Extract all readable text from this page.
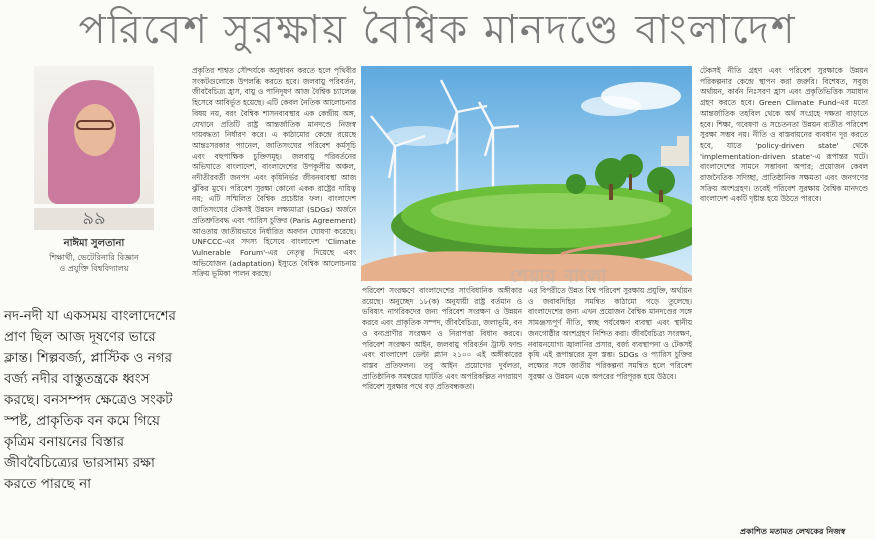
পরিবেশ সুরক্ষায় বৈশ্বিক মানদণ্ডে বাংলাদেশ
৯৯
নাঈমা সুলতানা
শিক্ষার্থী, ভেটেরিনারি বিজ্ঞান
ও প্রযুক্তি বিশ্ববিদ্যালয়
নদ-নদী যা একসময় বাংলাদেশের প্রাণ ছিল আজ দূষণের ভারে ক্লান্ত। শিল্পবর্জ্য, প্লাস্টিক ও নগর বর্জ্য নদীর বাস্তুতন্ত্রকে ধ্বংস করছে। বনসম্পদ ক্ষেত্রেও সংকট স্পষ্ট, প্রাকৃতিক বন কমে গিয়ে কৃত্রিম বনায়নের বিস্তার জীববৈচিত্র্যের ভারসাম্য রক্ষা করতে পারছে না
প্রকৃতির শাশ্বত সৌন্দর্যকে অনুধাবন করতে হলে পৃথিবীর সংকটগুলোকে উপলব্ধি করতে হবে। জলবায়ু পরিবর্তন, জীববৈচিত্র্য হ্রাস, বায়ু ও পানিদূষণ আজ বৈশ্বিক চ্যালেঞ্জ হিসেবে আবির্ভূত হয়েছে। এটি কেবল নৈতিক আলোচনার বিষয় নয়, বরং বৈশ্বিক শাসনব্যবস্থার এক কেন্দ্রীয় অঙ্গ, যেখানে প্রতিটি রাষ্ট্র আন্তর্জাতিক মানদণ্ডে নিজস্ব দায়বদ্ধতা নির্ধারণ করে। এ কাঠামোর কেন্দ্রে রয়েছে আন্তঃসরকার প্যানেল, জাতিসংঘের পরিবেশ কর্মসূচি এবং বহুপাক্ষিক চুক্তিসমূহ। জলবায়ু পরিবর্তনের অভিঘাতে বাংলাদেশ, বাংলাদেশের উপকূলীয় অঞ্চল, নদীতীরবর্তী জনপদ এবং কৃষিনির্ভর জীবনব্যবস্থা আজ ঝুঁকির মুখে। পরিবেশ সুরক্ষা কোনো একক রাষ্ট্রের দায়িত্ব নয়; এটি সম্মিলিত বৈশ্বিক প্রচেষ্টার ফল। বাংলাদেশ জাতিসংঘের টেকসই উন্নয়ন লক্ষ্যমাত্রা (SDGs) অর্জনে প্রতিশ্রুতিবদ্ধ এবং প্যারিস চুক্তির (Paris Agreement) আওতায় জাতীয়ভাবে নির্ধারিত অবদান ঘোষণা করেছে। UNFCCC-এর সদস্য হিসেবে বাংলাদেশ 'Climate Vulnerable Forum'-এর নেতৃত্ব দিয়েছে এবং অভিযোজন (adaptation) ইস্যুতে বৈশ্বিক আলোচনায় সক্রিয় ভূমিকা পালন করছে।	শেয়ার বাংলা
পরিবেশ সংরক্ষণে বাংলাদেশের সাংবিধানিক অঙ্গীকার রয়েছে। অনুচ্ছেদ ১৮(ক) অনুযায়ী রাষ্ট্র বর্তমান ও ভবিষ্যৎ নাগরিকদের জন্য পরিবেশ সংরক্ষণ ও উন্নয়ন করবে এবং প্রাকৃতিক সম্পদ, জীববৈচিত্র্য, জলাভূমি, বন ও বন্যপ্রাণীর সংরক্ষণ ও নিরাপত্তা বিধান করবে। পরিবেশ সংরক্ষণ আইন, জলবায়ু পরিবর্তন ট্রাস্ট ফান্ড এবং বাংলাদেশ ডেল্টা প্ল্যান ২১০০ এই অঙ্গীকারের বাস্তব প্রতিফলন। তবু আইন প্রয়োগের দুর্বলতা, প্রাতিষ্ঠানিক সমন্বয়ের ঘাটতি এবং অপরিকল্পিত নগরায়ণ পরিবেশ সুরক্ষার পথে বড় প্রতিবন্ধকতা।
এর বিপরীতে উন্নত বিশ্ব পরিবেশ সুরক্ষায় প্রযুক্তি, অর্থায়ন ও জবাবদিহির সমন্বিত কাঠামো গড়ে তুলেছে। বাংলাদেশের জন্য এখন প্রয়োজন বৈশ্বিক মানদণ্ডের সঙ্গে সামঞ্জস্যপূর্ণ নীতি, স্বচ্ছ পর্যবেক্ষণ ব্যবস্থা এবং স্থানীয় জনগোষ্ঠীর অংশগ্রহণ নিশ্চিত করা। জীববৈচিত্র্য সংরক্ষণ, নবায়নযোগ্য জ্বালানির প্রসার, বর্জ্য ব্যবস্থাপনা ও টেকসই কৃষি এই রূপান্তরের মূল স্তম্ভ। SDGs ও প্যারিস চুক্তির লক্ষ্যের সঙ্গে জাতীয় পরিকল্পনা সমন্বিত হলে পরিবেশ সুরক্ষা ও উন্নয়ন একে অপরের পরিপূরক হয়ে উঠবে।
টেকসই নীতি গ্রহণ এবং পরিবেশ সুরক্ষাকে উন্নয়ন পরিকল্পনার কেন্দ্রে স্থাপন করা জরুরি। বিশেষত, সবুজ অর্থায়ন, কার্বন নিঃসরণ হ্রাস এবং প্রকৃতিভিত্তিক সমাধান গ্রহণ করতে হবে। Green Climate Fund-এর মতো আন্তর্জাতিক তহবিল থেকে অর্থ সংগ্রহে দক্ষতা বাড়াতে হবে। শিক্ষা, গবেষণা ও সচেতনতা উন্নয়ন ব্যতীত পরিবেশ সুরক্ষা সম্ভব নয়। নীতি ও বাস্তবায়নের ব্যবধান দূর করতে হবে, যাতে 'policy-driven state' থেকে 'implementation-driven state'-এ রূপান্তর ঘটে। বাংলাদেশের সামনে সম্ভাবনা অপার; প্রয়োজন কেবল রাজনৈতিক সদিচ্ছা, প্রাতিষ্ঠানিক সক্ষমতা এবং জনগণের সক্রিয় অংশগ্রহণ। তবেই পরিবেশ সুরক্ষায় বৈশ্বিক মানদণ্ডে বাংলাদেশ একটি দৃষ্টান্ত হয়ে উঠতে পারবে।
প্রকাশিত মতামত লেখকের নিজস্ব
